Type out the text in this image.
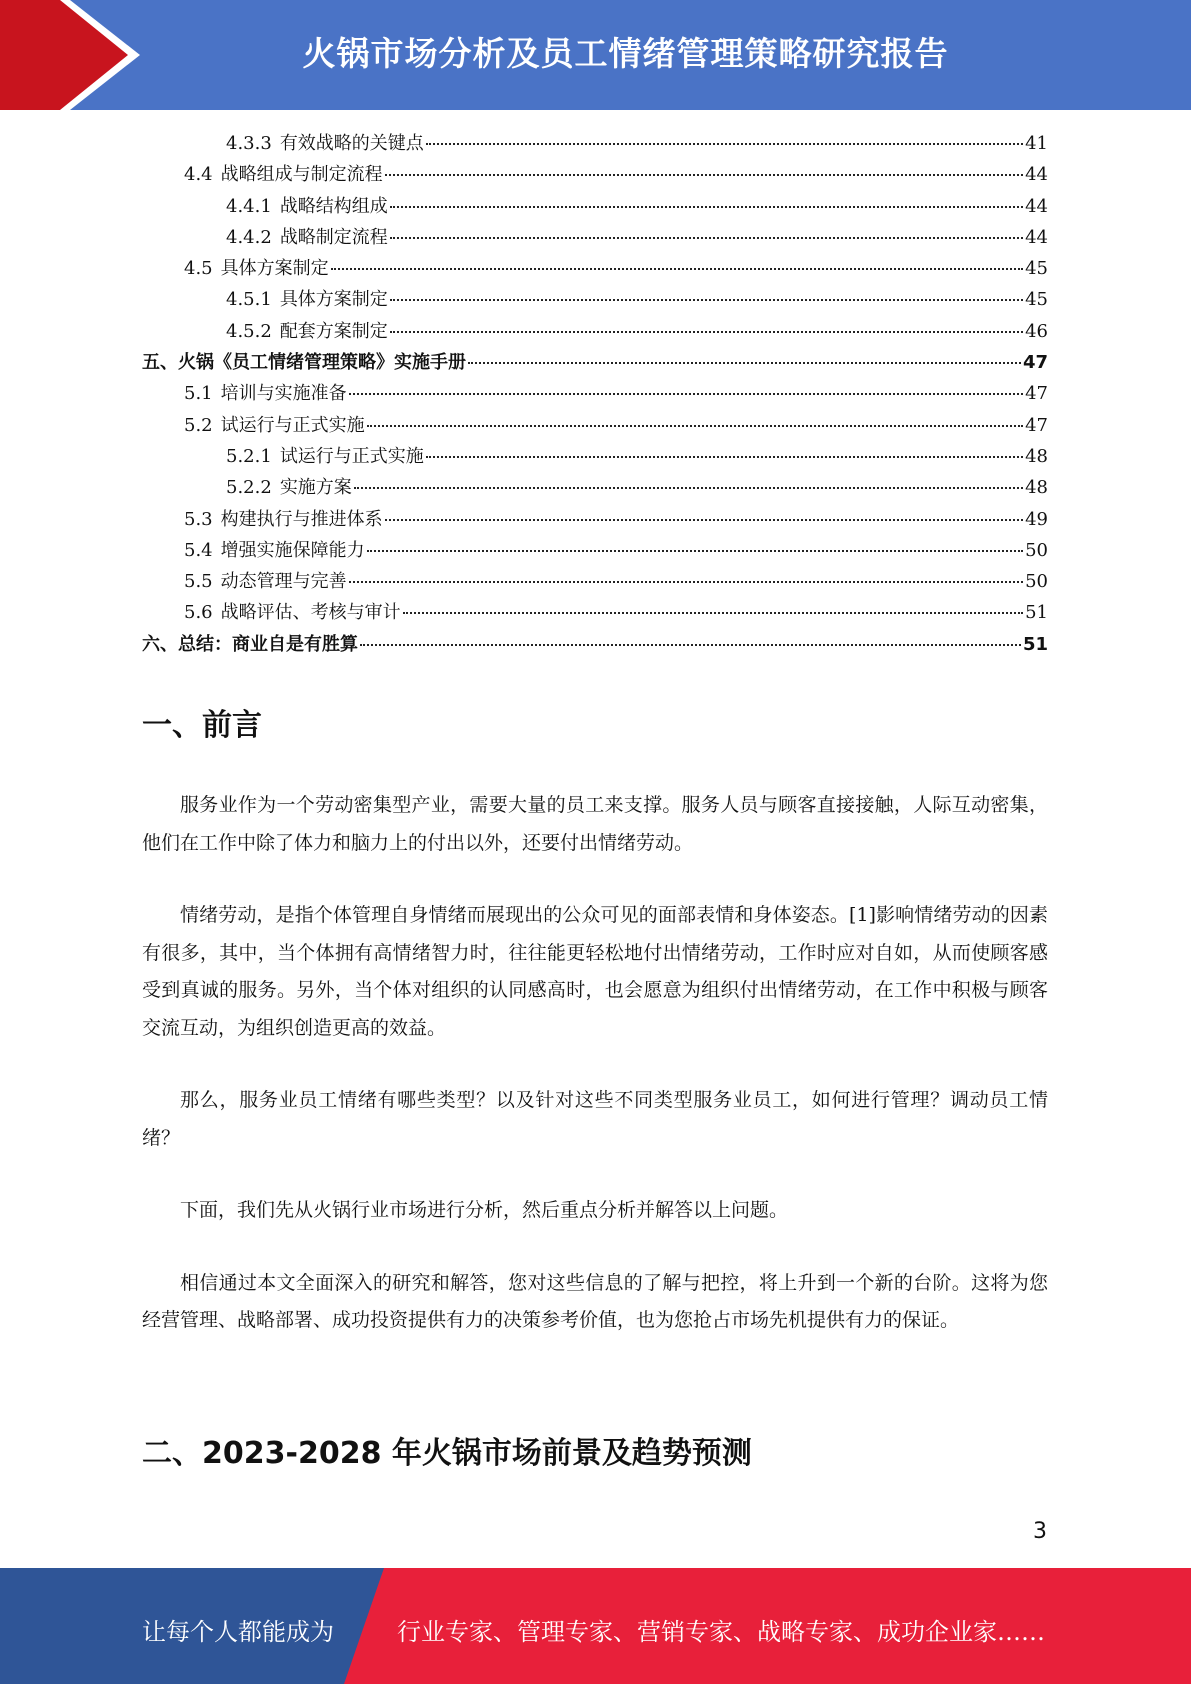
火锅市场分析及员工情绪管理策略研究报告
4.3.3 有效战略的关键点	41
4.4 战略组成与制定流程	44
4.4.1 战略结构组成	44
4.4.2 战略制定流程	44
4.5 具体方案制定	45
4.5.1 具体方案制定	45
4.5.2 配套方案制定	46
五、火锅《员工情绪管理策略》实施手册	47
5.1 培训与实施准备	47
5.2 试运行与正式实施	47
5.2.1 试运行与正式实施	48
5.2.2 实施方案	48
5.3 构建执行与推进体系	49
5.4 增强实施保障能力	50
5.5 动态管理与完善	50
5.6 战略评估、考核与审计	51
六、总结：商业自是有胜算	51
一、前言

服务业作为一个劳动密集型产业，需要大量的员工来支撑。服务人员与顾客直接接触，人际互动密集，他们在工作中除了体力和脑力上的付出以外，还要付出情绪劳动。

情绪劳动，是指个体管理自身情绪而展现出的公众可见的面部表情和身体姿态。[1]影响情绪劳动的因素有很多，其中，当个体拥有高情绪智力时，往往能更轻松地付出情绪劳动，工作时应对自如，从而使顾客感受到真诚的服务。另外，当个体对组织的认同感高时，也会愿意为组织付出情绪劳动，在工作中积极与顾客交流互动，为组织创造更高的效益。

那么，服务业员工情绪有哪些类型？以及针对这些不同类型服务业员工，如何进行管理？调动员工情绪？

下面，我们先从火锅行业市场进行分析，然后重点分析并解答以上问题。

相信通过本文全面深入的研究和解答，您对这些信息的了解与把控，将上升到一个新的台阶。这将为您经营管理、战略部署、成功投资提供有力的决策参考价值，也为您抢占市场先机提供有力的保证。

二、2023-2028 年火锅市场前景及趋势预测
3
让每个人都能成为	行业专家、管理专家、营销专家、战略专家、成功企业家……
